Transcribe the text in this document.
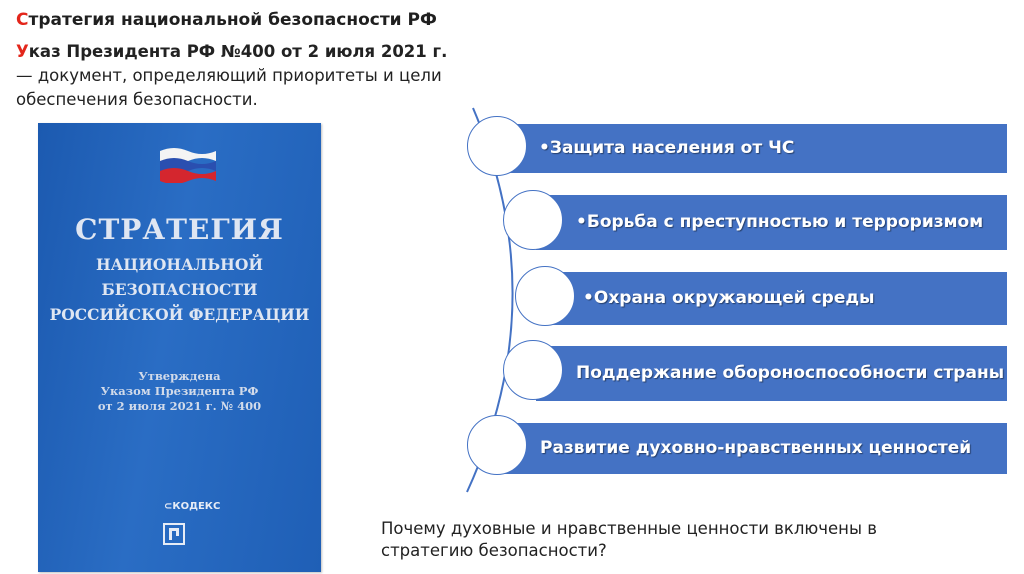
Стратегия национальной безопасности РФ
Указ Президента РФ №400 от 2 июля 2021 г. — документ, определяющий приоритеты и цели обеспечения безопасности.
СТРАТЕГИЯ
НАЦИОНАЛЬНОЙ
БЕЗОПАСНОСТИ
РОССИЙСКОЙ ФЕДЕРАЦИИ
Утверждена
Указом Президента РФ
от 2 июля 2021 г. № 400
⊂КОДЕКС
•Защита населения от ЧС
•Борьба с преступностью и терроризмом
•Охрана окружающей среды
Поддержание обороноспособности страны
Развитие духовно-нравственных ценностей
Почему духовные и нравственные ценности включены в стратегию безопасности?
